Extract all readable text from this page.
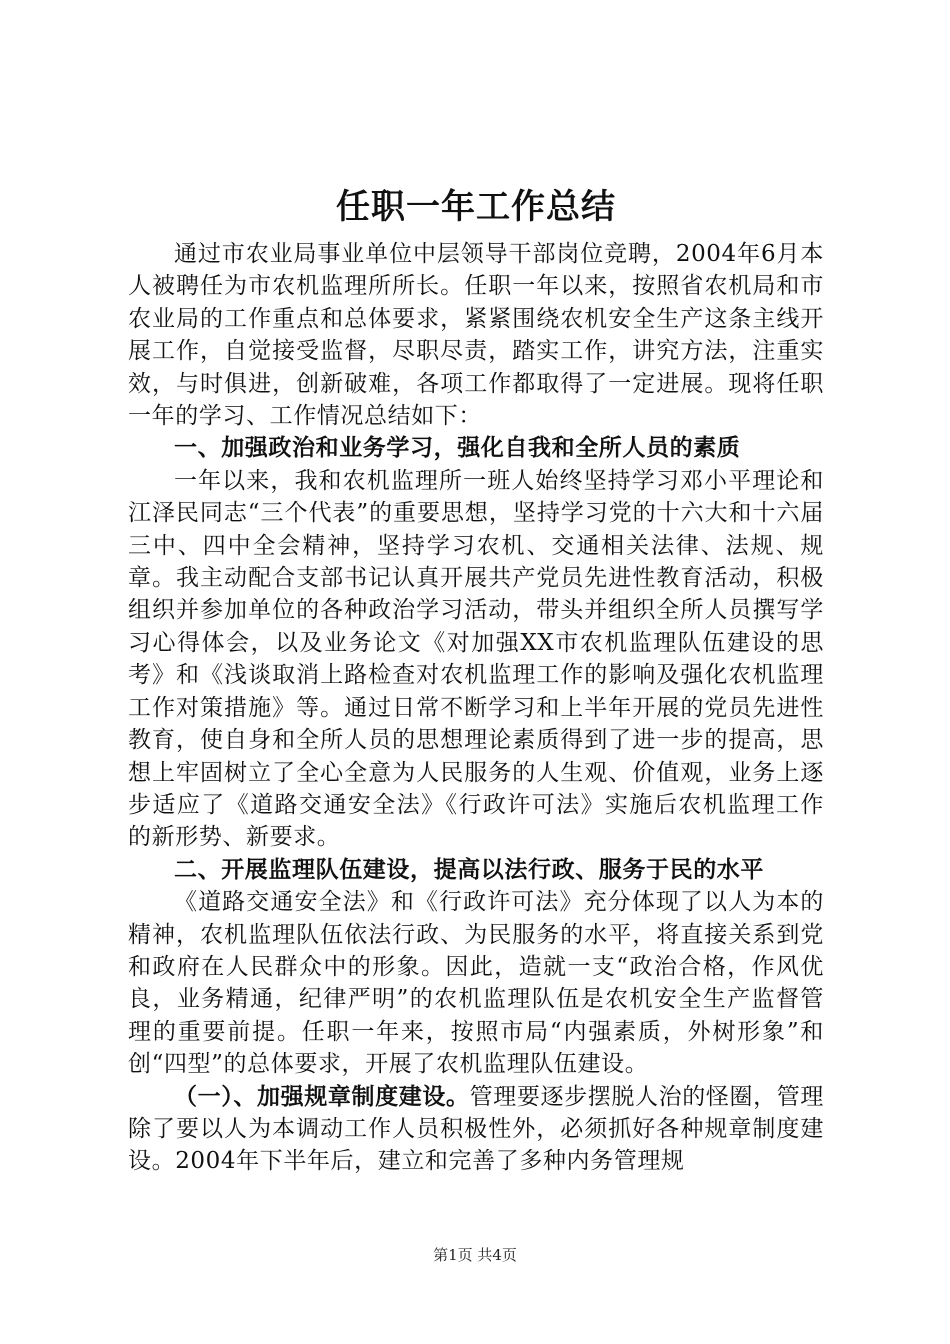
任职一年工作总结

通过市农业局事业单位中层领导干部岗位竞聘，2004年6月本人被聘任为市农机监理所所长。任职一年以来，按照省农机局和市农业局的工作重点和总体要求，紧紧围绕农机安全生产这条主线开展工作，自觉接受监督，尽职尽责，踏实工作，讲究方法，注重实效，与时俱进，创新破难，各项工作都取得了一定进展。现将任职一年的学习、工作情况总结如下：

一、加强政治和业务学习，强化自我和全所人员的素质

一年以来，我和农机监理所一班人始终坚持学习邓小平理论和江泽民同志“三个代表”的重要思想，坚持学习党的十六大和十六届三中、四中全会精神，坚持学习农机、交通相关法律、法规、规章。我主动配合支部书记认真开展共产党员先进性教育活动，积极组织并参加单位的各种政治学习活动，带头并组织全所人员撰写学习心得体会，以及业务论文《对加强XX市农机监理队伍建设的思考》和《浅谈取消上路检查对农机监理工作的影响及强化农机监理工作对策措施》等。通过日常不断学习和上半年开展的党员先进性教育，使自身和全所人员的思想理论素质得到了进一步的提高，思想上牢固树立了全心全意为人民服务的人生观、价值观，业务上逐步适应了《道路交通安全法》《行政许可法》实施后农机监理工作的新形势、新要求。

二、开展监理队伍建设，提高以法行政、服务于民的水平

《道路交通安全法》和《行政许可法》充分体现了以人为本的精神，农机监理队伍依法行政、为民服务的水平，将直接关系到党和政府在人民群众中的形象。因此，造就一支“政治合格，作风优良，业务精通，纪律严明”的农机监理队伍是农机安全生产监督管理的重要前提。任职一年来，按照市局“内强素质，外树形象”和创“四型”的总体要求，开展了农机监理队伍建设。

（一）、加强规章制度建设。管理要逐步摆脱人治的怪圈，管理除了要以人为本调动工作人员积极性外，必须抓好各种规章制度建设。2004年下半年后，建立和完善了多种内务管理规

第1页 共4页
